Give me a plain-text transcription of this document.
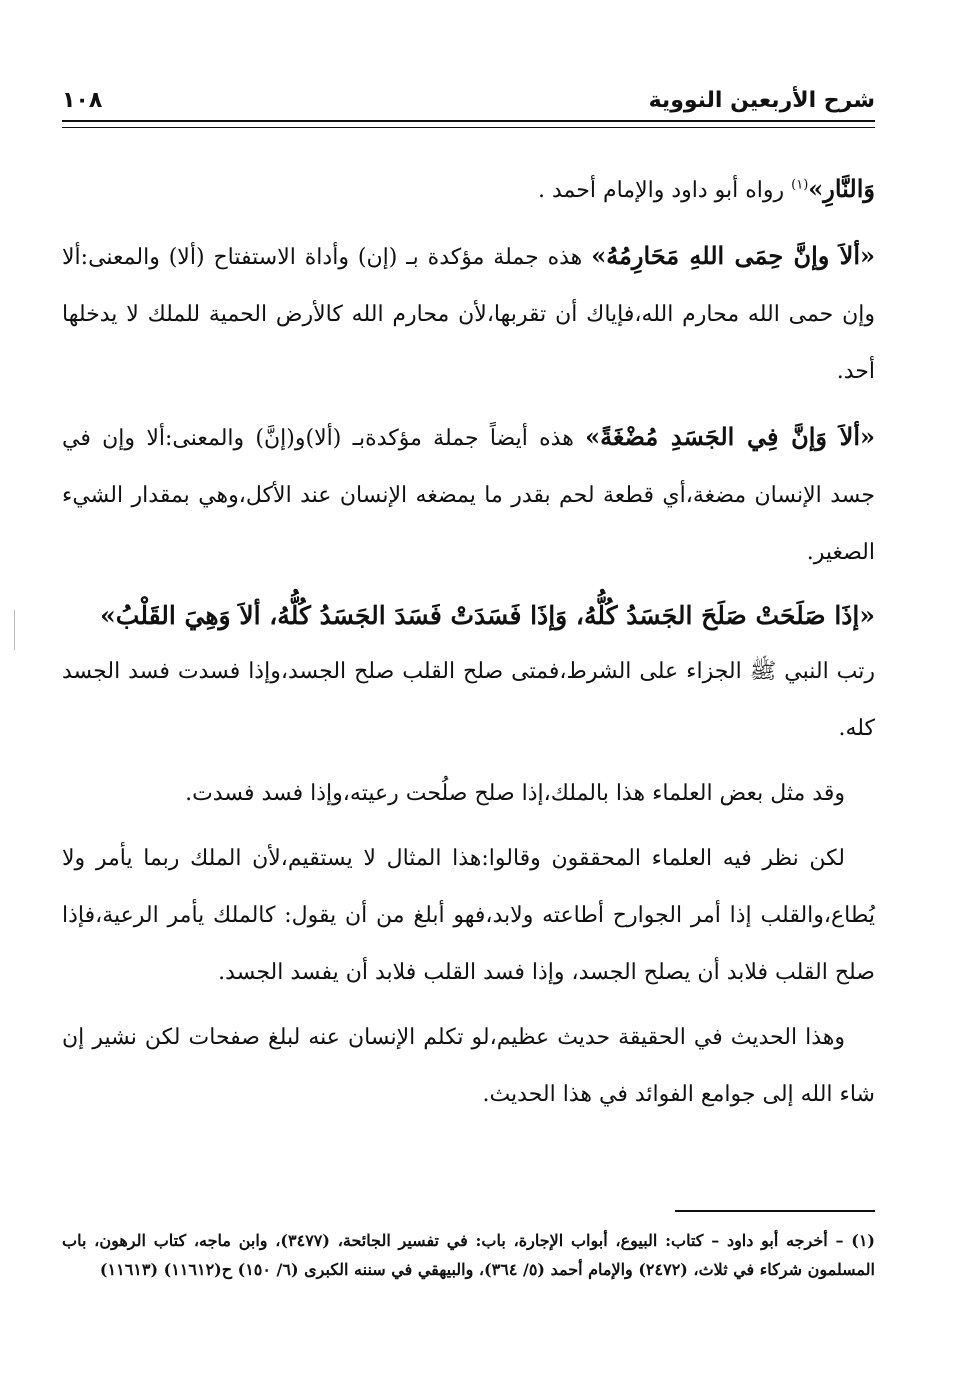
شرح الأربعين النووية
١٠٨

وَالنَّارِ»$^{(١)}$ رواه أبو داود والإمام أحمد .

«ألاَ وإنَّ حِمَى اللهِ مَحَارِمُهُ» هذه جملة مؤكدة بـ (إن) وأداة الاستفتاح (ألا) والمعنى:ألا وإن حمى الله محارم الله،فإياك أن تقربها،لأن محارم الله كالأرض الحمية للملك لا يدخلها أحد.

«ألاَ وَإنَّ فِي الجَسَدِ مُضْغَةً» هذه أيضاً جملة مؤكدةبـ (ألا)و(إنَّ) والمعنى:ألا وإن في جسد الإنسان مضغة،أي قطعة لحم بقدر ما يمضغه الإنسان عند الأكل،وهي بمقدار الشيء الصغير.

«إذَا صَلَحَتْ صَلَحَ الجَسَدُ كُلُّهُ، وَإذَا فَسَدَتْ فَسَدَ الجَسَدُ كُلُّهُ، ألاَ وَهِيَ القَلْبُ»

رتب النبي ﷺ الجزاء على الشرط،فمتى صلح القلب صلح الجسد،وإذا فسدت فسد الجسد كله.

وقد مثل بعض العلماء هذا بالملك،إذا صلح صلُحت رعيته،وإذا فسد فسدت.

لكن نظر فيه العلماء المحققون وقالوا:هذا المثال لا يستقيم،لأن الملك ربما يأمر ولا يُطاع،والقلب إذا أمر الجوارح أطاعته ولابد،فهو أبلغ من أن يقول: كالملك يأمر الرعية،فإذا صلح القلب فلابد أن يصلح الجسد، وإذا فسد القلب فلابد أن يفسد الجسد.

وهذا الحديث في الحقيقة حديث عظيم،لو تكلم الإنسان عنه لبلغ صفحات لكن نشير إن شاء الله إلى جوامع الفوائد في هذا الحديث.

(١) – أخرجه أبو داود – كتاب: البيوع، أبواب الإجارة، باب: في تفسير الجائحة، (٣٤٧٧)، وابن ماجه، كتاب الرهون، باب المسلمون شركاء في ثلاث، (٢٤٧٢) والإمام أحمد (٥/ ٣٦٤)، والبيهقي في سننه الكبرى (٦/ ١٥٠) ح(١١٦١٢) (١١٦١٣)
